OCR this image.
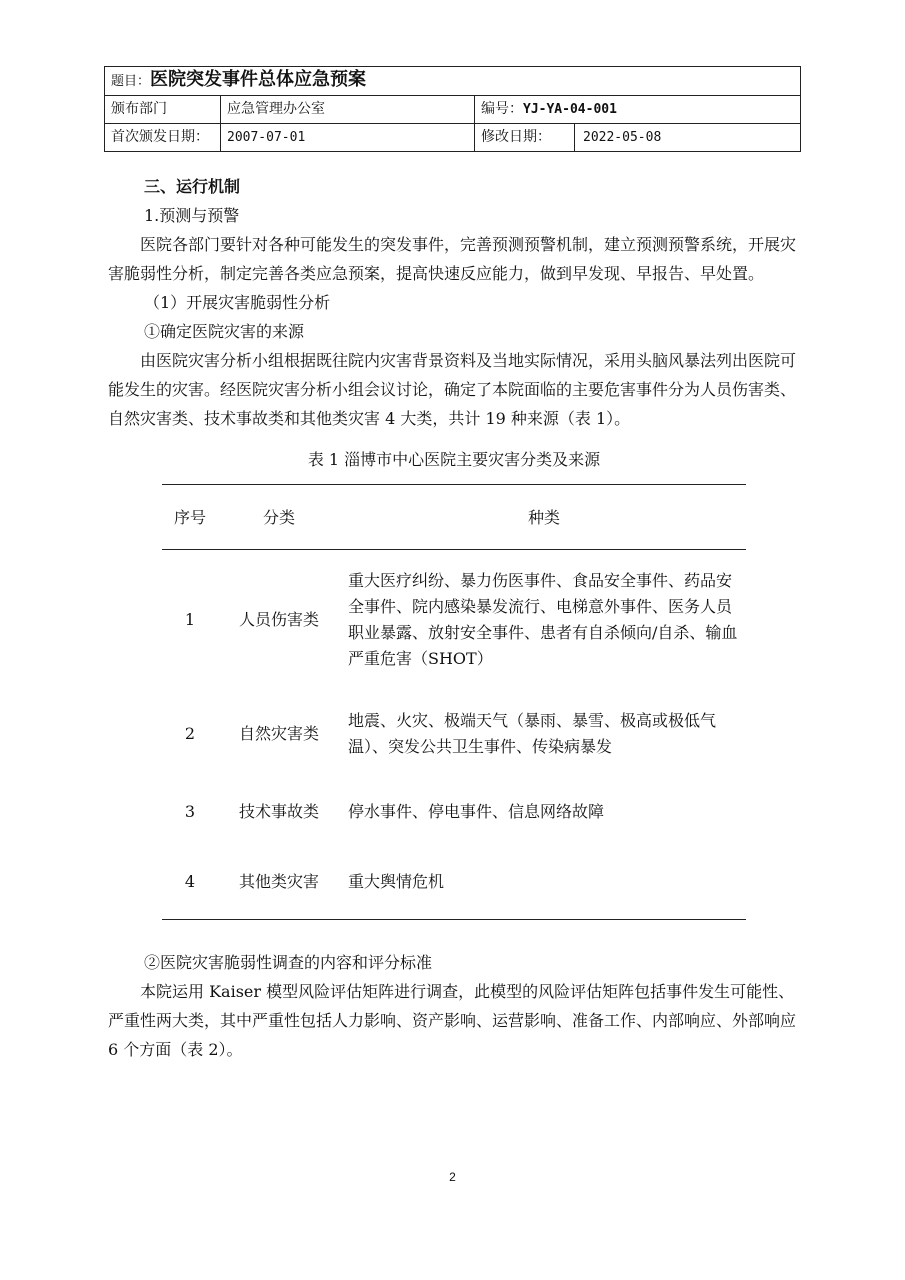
题目：医院突发事件总体应急预案			
颁布部门	应急管理办公室	编号：YJ-YA-04-001	
首次颁发日期：	2007-07-01	修改日期：	2022-05-08

三、运行机制

1.预测与预警

医院各部门要针对各种可能发生的突发事件，完善预测预警机制，建立预测预警系统，开展灾害脆弱性分析，制定完善各类应急预案，提高快速反应能力，做到早发现、早报告、早处置。

（1）开展灾害脆弱性分析

①确定医院灾害的来源

由医院灾害分析小组根据既往院内灾害背景资料及当地实际情况，采用头脑风暴法列出医院可能发生的灾害。经医院灾害分析小组会议讨论，确定了本院面临的主要危害事件分为人员伤害类、自然灾害类、技术事故类和其他类灾害 4 大类，共计 19 种来源（表 1）。

表 1 淄博市中心医院主要灾害分类及来源

序号	分类	种类
1	人员伤害类	重大医疗纠纷、暴力伤医事件、食品安全事件、药品安全事件、院内感染暴发流行、电梯意外事件、医务人员职业暴露、放射安全事件、患者有自杀倾向/自杀、输血严重危害（SHOT）
2	自然灾害类	地震、火灾、极端天气（暴雨、暴雪、极高或极低气温）、突发公共卫生事件、传染病暴发
3	技术事故类	停水事件、停电事件、信息网络故障
4	其他类灾害	重大舆情危机

②医院灾害脆弱性调查的内容和评分标准

本院运用 Kaiser 模型风险评估矩阵进行调查，此模型的风险评估矩阵包括事件发生可能性、严重性两大类，其中严重性包括人力影响、资产影响、运营影响、准备工作、内部响应、外部响应 6 个方面（表 2）。

2
